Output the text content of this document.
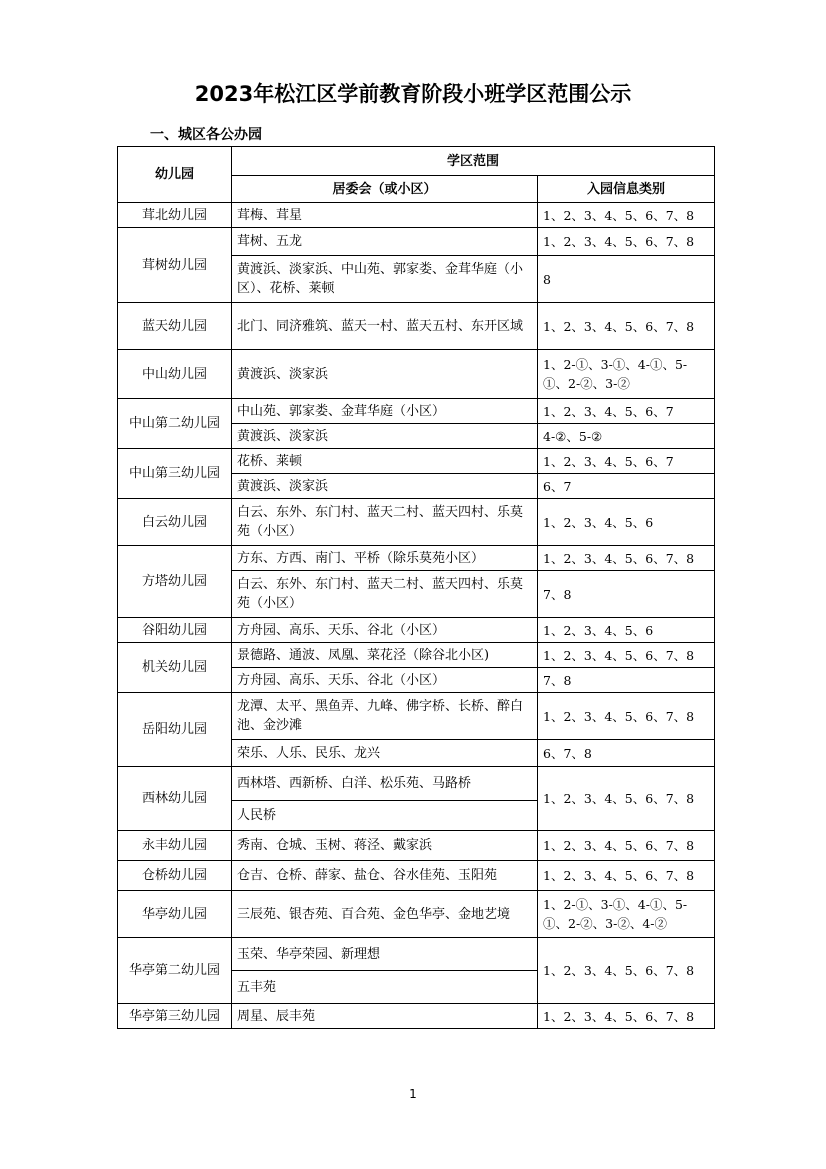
2023年松江区学前教育阶段小班学区范围公示
一、城区各公办园
幼儿园	学区范围	
	居委会（或小区）	入园信息类别
茸北幼儿园	茸梅、茸星	1、2、3、4、5、6、7、8
茸树幼儿园	茸树、五龙	1、2、3、4、5、6、7、8
	黄渡浜、淡家浜、中山苑、郭家娄、金茸华庭（小区）、花桥、莱顿	8
蓝天幼儿园	北门、同济雅筑、蓝天一村、蓝天五村、东开区域	1、2、3、4、5、6、7、8
中山幼儿园	黄渡浜、淡家浜	1、2-①、3-①、4-①、5-①、2-②、3-②
中山第二幼儿园	中山苑、郭家娄、金茸华庭（小区）	1、2、3、4、5、6、7
	黄渡浜、淡家浜	4-②、5-②
中山第三幼儿园	花桥、莱顿	1、2、3、4、5、6、7
	黄渡浜、淡家浜	6、7
白云幼儿园	白云、东外、东门村、蓝天二村、蓝天四村、乐莫苑（小区）	1、2、3、4、5、6
方塔幼儿园	方东、方西、南门、平桥（除乐莫苑小区）	1、2、3、4、5、6、7、8
	白云、东外、东门村、蓝天二村、蓝天四村、乐莫苑（小区）	7、8
谷阳幼儿园	方舟园、高乐、天乐、谷北（小区）	1、2、3、4、5、6
机关幼儿园	景德路、通波、凤凰、菜花泾（除谷北小区)	1、2、3、4、5、6、7、8
	方舟园、高乐、天乐、谷北（小区）	7、8
岳阳幼儿园	龙潭、太平、黑鱼弄、九峰、佛字桥、长桥、醉白池、金沙滩	1、2、3、4、5、6、7、8
	荣乐、人乐、民乐、龙兴	6、7、8
西林幼儿园	西林塔、西新桥、白洋、松乐苑、马路桥	1、2、3、4、5、6、7、8
	人民桥	
永丰幼儿园	秀南、仓城、玉树、蒋泾、戴家浜	1、2、3、4、5、6、7、8
仓桥幼儿园	仓吉、仓桥、薛家、盐仓、谷水佳苑、玉阳苑	1、2、3、4、5、6、7、8
华亭幼儿园	三辰苑、银杏苑、百合苑、金色华亭、金地艺境	1、2-①、3-①、4-①、5-①、2-②、3-②、4-②
华亭第二幼儿园	玉荣、华亭荣园、新理想	1、2、3、4、5、6、7、8
	五丰苑	
华亭第三幼儿园	周星、辰丰苑	1、2、3、4、5、6、7、8
1
